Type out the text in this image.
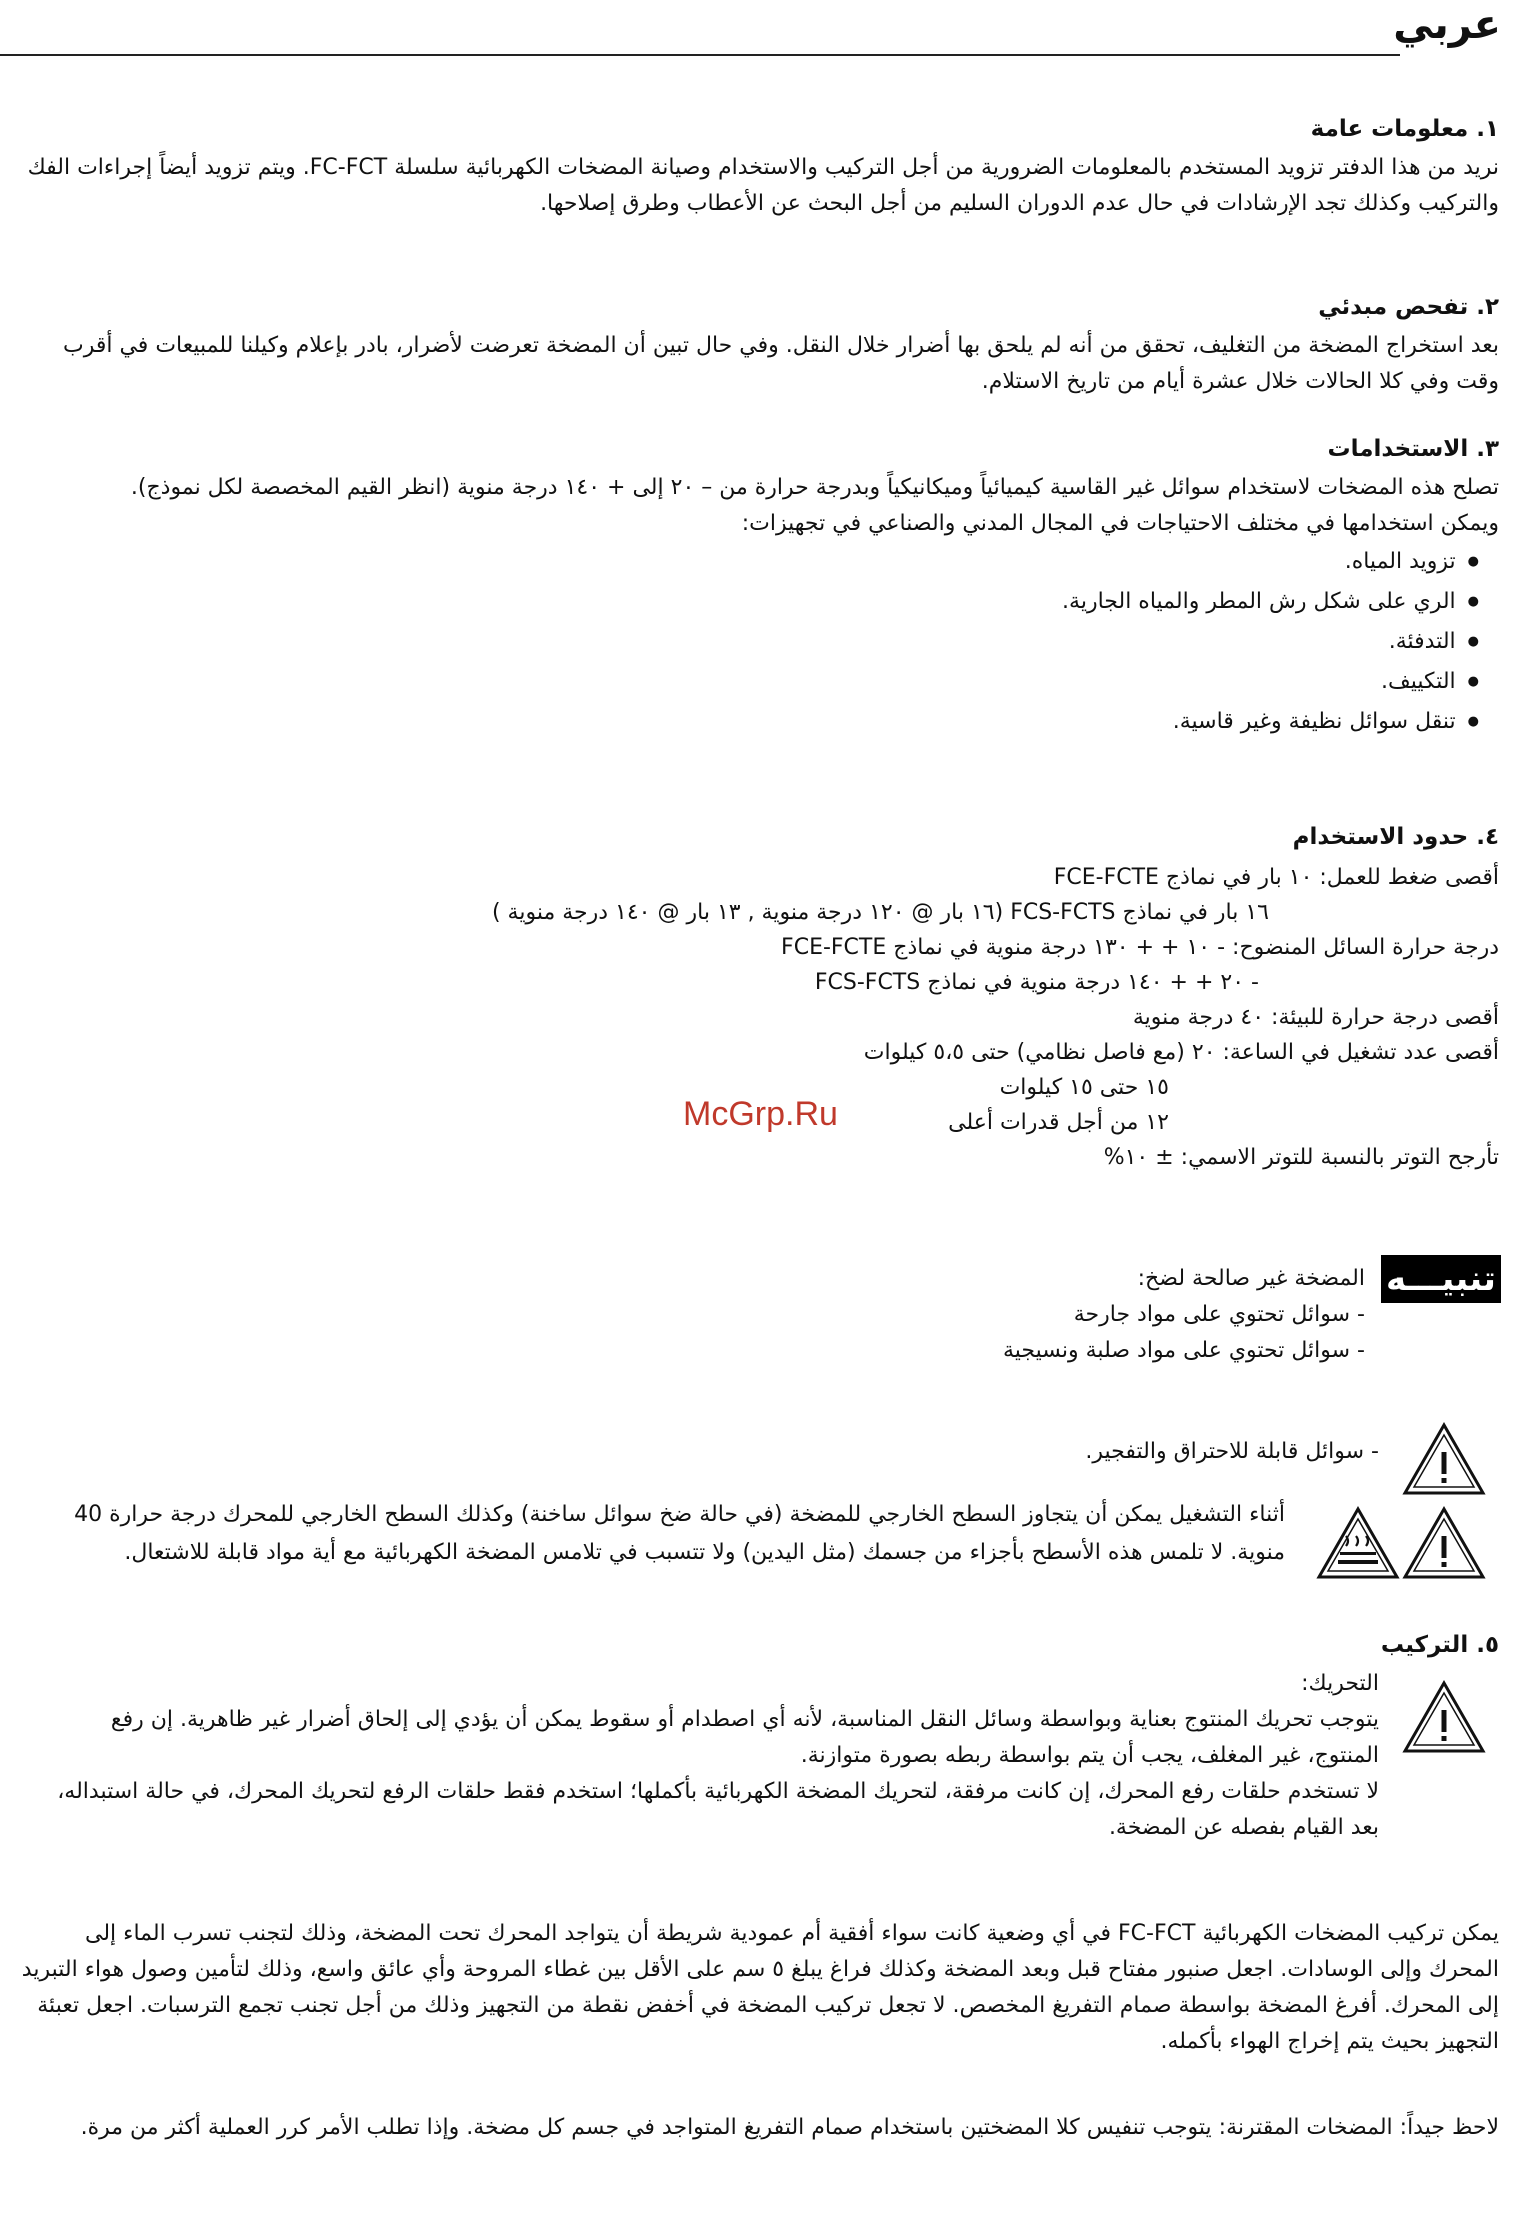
عربي
١. معلومات عامة

نريد من هذا الدفتر تزويد المستخدم بالمعلومات الضرورية من أجل التركيب والاستخدام وصيانة المضخات الكهربائية سلسلة FC-FCT. ويتم تزويد أيضاً إجراءات الفك والتركيب وكذلك تجد الإرشادات في حال عدم الدوران السليم من أجل البحث عن الأعطاب وطرق إصلاحها.

٢. تفحص مبدئي

بعد استخراج المضخة من التغليف، تحقق من أنه لم يلحق بها أضرار خلال النقل. وفي حال تبين أن المضخة تعرضت لأضرار، بادر بإعلام وكيلنا للمبيعات في أقرب وقت وفي كلا الحالات خلال عشرة أيام من تاريخ الاستلام.

٣. الاستخدامات

تصلح هذه المضخات لاستخدام سوائل غير القاسية كيميائياً وميكانيكياً وبدرجة حرارة من – ٢٠ إلى + ١٤٠ درجة منوية (انظر القيم المخصصة لكل نموذج).

ويمكن استخدامها في مختلف الاحتياجات في المجال المدني والصناعي في تجهيزات:

● تزويد المياه.
● الري على شكل رش المطر والمياه الجارية.
● التدفئة.
● التكييف.
● تنقل سوائل نظيفة وغير قاسية.
٤. حدود الاستخدام
أقصى ضغط للعمل: ١٠ بار في نماذج FCE-FCTE
١٦ بار في نماذج FCS-FCTS (١٦ بار @ ١٢٠ درجة منوية , ١٣ بار @ ١٤٠ درجة منوية )
درجة حرارة السائل المنضوح: - ١٠ + + ١٣٠ درجة منوية في نماذج FCE-FCTE
- ٢٠ + + ١٤٠ درجة منوية في نماذج FCS-FCTS
أقصى درجة حرارة للبيئة: ٤٠ درجة منوية
أقصى عدد تشغيل في الساعة: ٢٠ (مع فاصل نظامي) حتى ٥،٥ كيلوات
١٥ حتى ١٥ كيلوات
١٢ من أجل قدرات أعلى
تأرجح التوتر بالنسبة للتوتر الاسمي: ± ١٠%
McGrp.Ru
تنبيـــه
المضخة غير صالحة لضخ:
- سوائل تحتوي على مواد جارحة
- سوائل تحتوي على مواد صلبة ونسيجية
- سوائل قابلة للاحتراق والتفجير.

أثناء التشغيل يمكن أن يتجاوز السطح الخارجي للمضخة (في حالة ضخ سوائل ساخنة) وكذلك السطح الخارجي للمحرك درجة حرارة 40 منوية. لا تلمس هذه الأسطح بأجزاء من جسمك (مثل اليدين) ولا تتسبب في تلامس المضخة الكهربائية مع أية مواد قابلة للاشتعال.

٥. التركيب

التحريك:

يتوجب تحريك المنتوج بعناية وبواسطة وسائل النقل المناسبة، لأنه أي اصطدام أو سقوط يمكن أن يؤدي إلى إلحاق أضرار غير ظاهرية. إن رفع المنتوج، غير المغلف، يجب أن يتم بواسطة ربطه بصورة متوازنة.

لا تستخدم حلقات رفع المحرك، إن كانت مرفقة، لتحريك المضخة الكهربائية بأكملها؛ استخدم فقط حلقات الرفع لتحريك المحرك، في حالة استبداله، بعد القيام بفصله عن المضخة.

يمكن تركيب المضخات الكهربائية FC-FCT في أي وضعية كانت سواء أفقية أم عمودية شريطة أن يتواجد المحرك تحت المضخة، وذلك لتجنب تسرب الماء إلى المحرك وإلى الوسادات. اجعل صنبور مفتاح قبل وبعد المضخة وكذلك فراغ يبلغ ٥ سم على الأقل بين غطاء المروحة وأي عائق واسع، وذلك لتأمين وصول هواء التبريد إلى المحرك. أفرغ المضخة بواسطة صمام التفريغ المخصص. لا تجعل تركيب المضخة في أخفض نقطة من التجهيز وذلك من أجل تجنب تجمع الترسبات. اجعل تعبئة التجهيز بحيث يتم إخراج الهواء بأكمله.

لاحظ جيداً: المضخات المقترنة: يتوجب تنفيس كلا المضختين باستخدام صمام التفريغ المتواجد في جسم كل مضخة. وإذا تطلب الأمر كرر العملية أكثر من مرة.
